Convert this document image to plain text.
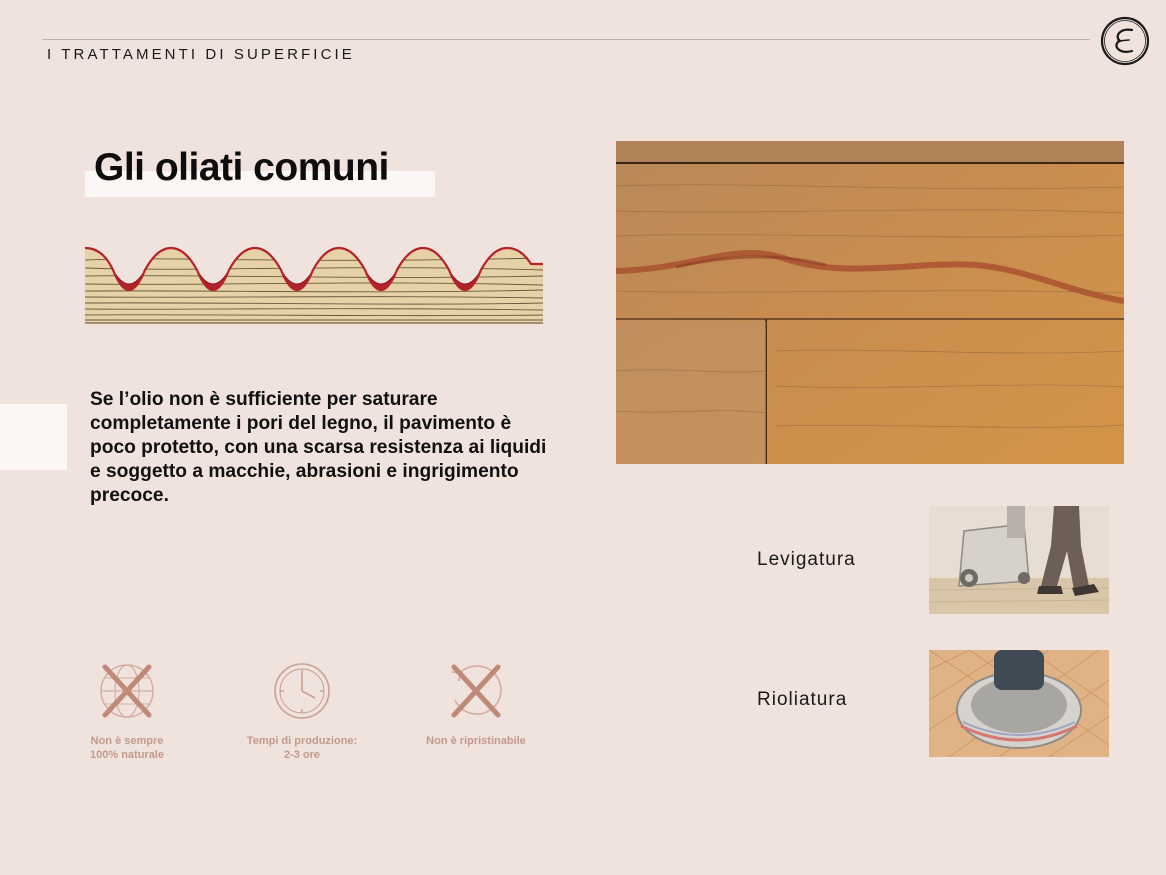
I TRATTAMENTI DI SUPERFICIE
Gli oliati comuni

Se l’olio non è sufficiente per saturare completamente i pori del legno, il pavimento è poco protetto, con una scarsa resistenza ai liquidi e soggetto a macchie, abrasioni e ingrigimento precoce.

Non è sempre
100% naturale
Tempi di produzione:
2-3 ore
Non è ripristinabile
Levigatura
Rioliatura
